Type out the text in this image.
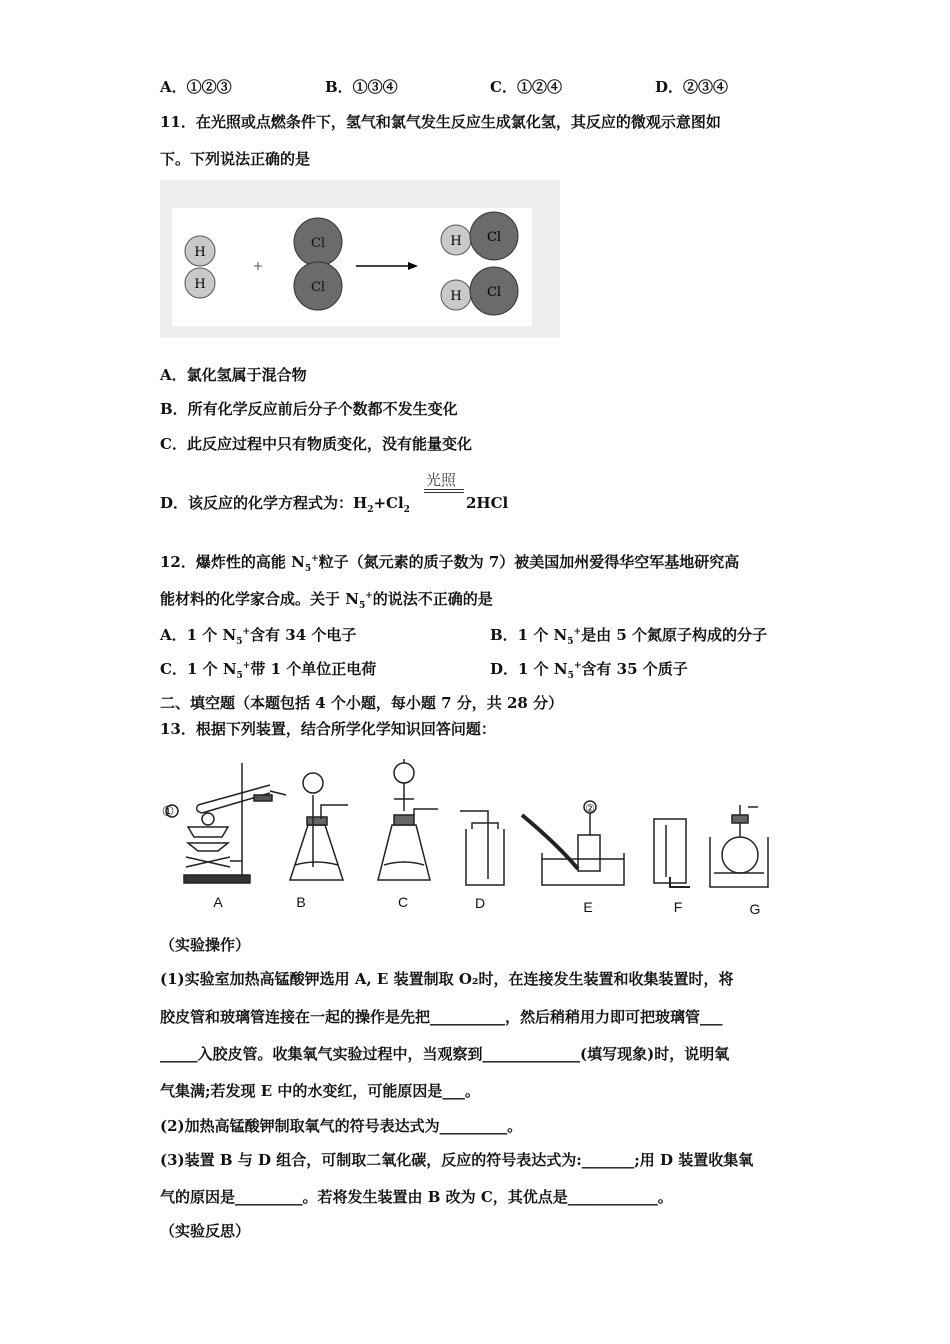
A．①②③	B．①③④	C．①②④	D．②③④
11．在光照或点燃条件下，氢气和氯气发生反应生成氯化氢，其反应的微观示意图如
下。下列说法正确的是
H
H
+
Cl
Cl
H Cl
H Cl
A．氯化氢属于混合物
B．所有化学反应前后分子个数都不发生变化
C．此反应过程中只有物质变化，没有能量变化
光照
D．该反应的化学方程式为：$H_2+Cl_2$	2HCl
12．爆炸性的高能 $N_5^+$粒子（氮元素的质子数为 7）被美国加州爱得华空军基地研究高
能材料的化学家合成。关于 $N_5^+$的说法不正确的是
A．1 个 $N_5^+$含有 34 个电子	B．1 个 $N_5^+$是由 5 个氮原子构成的分子
C．1 个 $N_5^+$带 1 个单位正电荷	D．1 个 $N_5^+$含有 35 个质子
二、填空题（本题包括 4 个小题，每小题 7 分，共 28 分）
13．根据下列装置，结合所学化学知识回答问题：
①	②
A	B	C	D	E	F	G
（实验操作）
(1)实验室加热高锰酸钾选用 A, E 装置制取 O₂时，在连接发生装置和收集装置时，将
胶皮管和玻璃管连接在一起的操作是先把__________，然后稍稍用力即可把玻璃管___
_____入胶皮管。收集氧气实验过程中，当观察到_____________(填写现象)时，说明氧
气集满;若发现 E 中的水变红，可能原因是___。
(2)加热高锰酸钾制取氧气的符号表达式为_________。
(3)装置 B 与 D 组合，可制取二氧化碳，反应的符号表达式为:_______;用 D 装置收集氧
气的原因是_________。若将发生装置由 B 改为 C，其优点是____________。
（实验反思）
